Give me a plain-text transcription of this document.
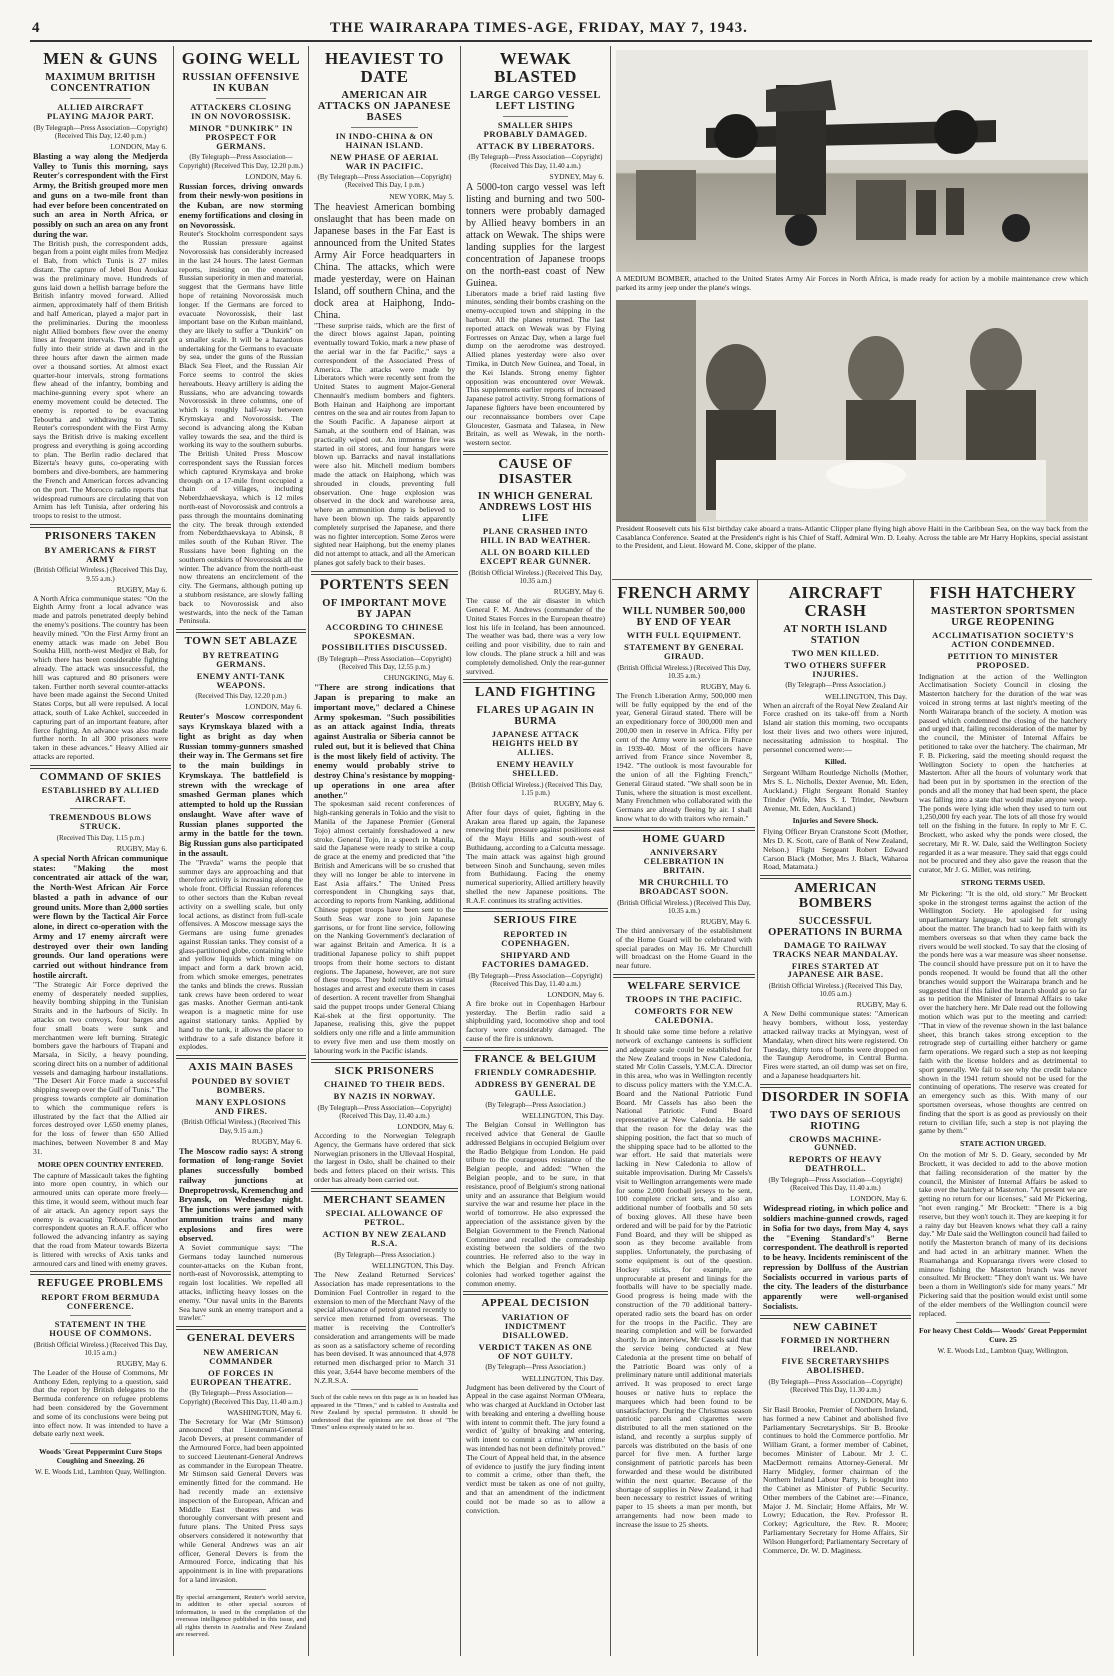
4	THE WAIRARAPA TIMES-AGE, FRIDAY, MAY 7, 1943.
MEN & GUNS
MAXIMUM BRITISH CONCENTRATION
ALLIED AIRCRAFT PLAYING MAJOR PART.
(By Telegraph—Press Association—Copyright) (Received This Day, 12.40 p.m.)
LONDON, May 6.
Blasting a way along the Medjerda Valley to Tunis this morning, says Reuter's correspondent with the First Army, the British grouped more men and guns on a two-mile front than had ever before been concentrated on such an area in North Africa, or possibly on such an area on any front during the war.
The British push, the correspondent adds, began from a point eight miles from Medjez el Bab, from which Tunis is 27 miles distant. The capture of Jebel Bou Aoukaz was the preliminary move. Hundreds of guns laid down a hellish barrage before the British infantry moved forward. Allied airmen, approximately half of them British and half American, played a major part in the preliminaries. During the moonless night Allied bombers flew over the enemy lines at frequent intervals. The aircraft got fully into their stride at dawn and in the three hours after dawn the airmen made over a thousand sorties. At almost exact quarter-hour intervals, strong formations flew ahead of the infantry, bombing and machine-gunning every spot where an enemy movement could be detected. The enemy is reported to be evacuating Tebourba and withdrawing to Tunis. Reuter's correspondent with the First Army says the British drive is making excellent progress and everything is going according to plan. The Berlin radio declared that Bizerta's heavy guns, co-operating with bombers and dive-bombers, are hammering the French and American forces advancing on the port. The Morocco radio reports that widespread rumours are circulating that von Arnim has left Tunisia, after ordering his troops to resist to the utmost.
PRISONERS TAKEN
BY AMERICANS & FIRST ARMY
(British Official Wireless.) (Received This Day, 9.55 a.m.)
RUGBY, May 6.
A North Africa communique states: "On the Eighth Army front a local advance was made and patrols penetrated deeply behind the enemy's positions. The country has been heavily mined. "On the First Army front an enemy attack was made on Jebel Bou Soukha Hill, north-west Medjez el Bab, for which there has been considerable fighting already. The attack was unsuccessful, the hill was captured and 80 prisoners were taken. Further north several counter-attacks have been made against the Second United States Corps, but all were repulsed. A local attack, south of Lake Achkel, succeeded in capturing part of an important feature, after fierce fighting. An advance was also made further north. In all 300 prisoners were taken in these advances." Heavy Allied air attacks are reported.
COMMAND OF SKIES
ESTABLISHED BY ALLIED AIRCRAFT.
TREMENDOUS BLOWS STRUCK.
(Received This Day, 1.15 p.m.)
RUGBY, May 6.
A special North African communique states: "Making the most concentrated air attack of the war, the North-West African Air Force blasted a path in advance of our ground units. More than 2,000 sorties were flown by the Tactical Air Force alone, in direct co-operation with the Army and 17 enemy aircraft were destroyed over their own landing grounds. Our land operations were carried out without hindrance from hostile aircraft.
"The Strategic Air Force deprived the enemy of desperately needed supplies, heavily bombing shipping in the Tunisian Straits and in the harbours of Sicily. In attacks on two convoys, four barges and four small boats were sunk and merchantmen were left burning. Strategic bombers gave the harbours of Trapani and Marsala, in Sicily, a heavy pounding, scoring direct hits on a number of additional vessels and damaging harbour installations. "The Desert Air Force made a successful shipping sweep over the Gulf of Tunis." The progress towards complete air domination to which the communique refers is illustrated by the fact that the Allied air forces destroyed over 1,650 enemy planes, for the loss of fewer than 650 Allied machines, between November 8 and May 31.
MORE OPEN COUNTRY ENTERED.
The capture of Massicault takes the fighting into more open country, in which our armoured units can operate more freely—this time, it would seem, without much fear of air attack. An agency report says the enemy is evacuating Tebourba. Another correspondent quotes an R.A.F. officer who followed the advancing infantry as saying that the road from Mateur towards Bizerta is littered with wrecks of Axis tanks and armoured cars and lined with enemy graves.
REFUGEE PROBLEMS
REPORT FROM BERMUDA CONFERENCE.
STATEMENT IN THE HOUSE OF COMMONS.
(British Official Wireless.) (Received This Day, 10.15 a.m.)
RUGBY, May 6.
The Leader of the House of Commons, Mr Anthony Eden, replying to a question, said that the report by British delegates to the Bermuda conference on refugee problems had been considered by the Government and some of its conclusions were being put into effect now. It was intended to have a debate early next week.
Woods 'Great Peppermint Cure Stops Coughing and Sneezing. 26
W. E. Woods Ltd., Lambton Quay, Wellington.
GOING WELL
RUSSIAN OFFENSIVE IN KUBAN
ATTACKERS CLOSING IN ON NOVOROSSISK.
MINOR "DUNKIRK" IN PROSPECT FOR GERMANS.
(By Telegraph—Press Association—Copyright) (Received This Day, 12.20 p.m.)
LONDON, May 6.
Russian forces, driving onwards from their newly-won positions in the Kuban, are now storming enemy fortifications and closing in on Novorossisk.
Reuter's Stockholm correspondent says the Russian pressure against Novorossisk has considerably increased in the last 24 hours. The latest German reports, insisting on the enormous Russian superiority in men and material, suggest that the Germans have little hope of retaining Novorossisk much longer. If the Germans are forced to evacuate Novorossisk, their last important base on the Kuban mainland, they are likely to suffer a "Dunkirk" on a smaller scale. It will be a hazardous undertaking for the Germans to evacuate by sea, under the guns of the Russian Black Sea Fleet, and the Russian Air Force seems to control the skies hereabouts. Heavy artillery is aiding the Russians, who are advancing towards Novorossisk in three columns, one of which is roughly half-way between Krymskaya and Novorossisk. The second is advancing along the Kuban valley towards the sea, and the third is working its way to the southern suburbs. The British United Press Moscow correspondent says the Russian forces which captured Krymskaya and broke through on a 17-mile front occupied a chain of villages, including Neberdzhaevskaya, which is 12 miles north-east of Novorossisk and controls a pass through the mountains dominating the city. The break through extended from Neberdzhaevskaya to Abinsk, 8 miles south of the Kuban River. The Russians have been fighting on the southern outskirts of Novorossisk all the winter. The advance from the north-east now threatens an encirclement of the city. The Germans, although putting up a stubborn resistance, are slowly falling back to Novorossisk and also westwards, into the neck of the Taman Peninsula.
TOWN SET ABLAZE
BY RETREATING GERMANS.
ENEMY ANTI-TANK WEAPONS.
(Received This Day, 12.20 p.m.)
LONDON, May 6.
Reuter's Moscow correspondent says Krymskaya blazed with a light as bright as day when Russian tommy-gunners smashed their way in. The Germans set fire to the main buildings in Krymskaya. The battlefield is strewn with the wreckage of smashed German planes which attempted to hold up the Russian onslaught. Wave after wave of Russian planes supported the army in the battle for the town. Big Russian guns also participated in the assault.
The "Pravda" warns the people that summer days are approaching and that therefore activity is increasing along the whole front. Official Russian references to other sectors than the Kuban reveal activity on a swelling scale, but only local actions, as distinct from full-scale offensives. A Moscow message says the Germans are using fume grenades against Russian tanks. They consist of a glass-partitioned globe, containing white and yellow liquids which mingle on impact and form a dark brown acid, from which smoke emerges, penetrates the tanks and blinds the crews. Russian tank crews have been ordered to wear gas masks. Another German anti-tank weapon is a magnetic mine for use against stationary tanks. Applied by hand to the tank, it allows the placer to withdraw to a safe distance before it explodes.
AXIS MAIN BASES
POUNDED BY SOVIET BOMBERS.
MANY EXPLOSIONS AND FIRES.
(British Official Wireless.) (Received This Day, 9.15 a.m.)
RUGBY, May 6.
The Moscow radio says: A strong formation of long-range Soviet planes successfully bombed railway junctions at Dnepropetrovsk, Kremenchug and Bryansk, on Wednesday night. The junctions were jammed with ammunition trains and many explosions and fires were observed.
A Soviet communique says: "The Germans today launched numerous counter-attacks on the Kuban front, north-east of Novorossisk, attempting to regain lost localities. We repelled all attacks, inflicting heavy losses on the enemy. "Our naval units in the Barents Sea have sunk an enemy transport and a trawler."
GENERAL DEVERS
NEW AMERICAN COMMANDER
OF FORCES IN EUROPEAN THEATRE.
(By Telegraph—Press Association—Copyright) (Received This Day, 11.40 a.m.)
WASHINGTON, May 6.
The Secretary for War (Mr Stimson) announced that Lieutenant-General Jacob Devers, at present commander of the Armoured Force, had been appointed to succeed Lieutenant-General Andrews as commander in the European Theatre. Mr Stimson said General Devers was eminently fitted for the command. He had recently made an extensive inspection of the European, African and Middle East theatres and was thoroughly conversant with present and future plans. The United Press says observers considered it noteworthy that while General Andrews was an air officer, General Devers is from the Armoured Force, indicating that his appointment is in line with preparations for a land invasion.
By special arrangement, Reuter's world service, in addition to other special sources of information, is used in the compilation of the overseas intelligence published in this issue, and all rights therein in Australia and New Zealand are reserved.
HEAVIEST TO DATE
AMERICAN AIR ATTACKS ON JAPANESE BASES
IN INDO-CHINA & ON HAINAN ISLAND.
NEW PHASE OF AERIAL WAR IN PACIFIC.
(By Telegraph—Press Association—Copyright) (Received This Day, 1 p.m.)
NEW YORK, May 5.
The heaviest American bombing onslaught that has been made on Japanese bases in the Far East is announced from the United States Army Air Force headquarters in China. The attacks, which were made yesterday, were on Hainan Island, off southern China, and the dock area at Haiphong, Indo-China.
"These surprise raids, which are the first of the direct blows against Japan, pointing eventually toward Tokio, mark a new phase of the aerial war in the far Pacific," says a correspondent of the Associated Press of America. The attacks were made by Liberators which were recently sent from the United States to augment Major-General Chennault's medium bombers and fighters. Both Hainan and Haiphong are important centres on the sea and air routes from Japan to the South Pacific. A Japanese airport at Samah, at the southern end of Hainan, was practically wiped out. An immense fire was started in oil stores, and four hangars were blown up. Barracks and naval installations were also hit. Mitchell medium bombers made the attack on Haiphong, which was shrouded in clouds, preventing full observation. One huge explosion was observed in the dock and warehouse area, where an ammunition dump is believed to have been blown up. The raids apparently completely surprised the Japanese, and there was no fighter interception. Some Zeros were sighted near Haiphong, but the enemy planes did not attempt to attack, and all the American planes got safely back to their bases.
PORTENTS SEEN
OF IMPORTANT MOVE BY JAPAN
ACCORDING TO CHINESE SPOKESMAN.
POSSIBILITIES DISCUSSED.
(By Telegraph—Press Association—Copyright) (Received This Day, 12.55 p.m.)
CHUNGKING, May 6.
"There are strong indications that Japan is preparing to make an important move," declared a Chinese Army spokesman. "Such possibilities as an attack against India, threats against Australia or Siberia cannot be ruled out, but it is believed that China is the most likely field of activity. The enemy would probably strive to destroy China's resistance by mopping-up operations in one area after another."
The spokesman said recent conferences of high-ranking generals in Tokio and the visit to Manila of the Japanese Premier (General Tojo) almost certainly foreshadowed a new stroke. General Tojo, in a speech in Manila, said the Japanese were ready to strike a coup de grace at the enemy and predicted that "the British and Americans will be so crushed that they will no longer be able to intervene in East Asia affairs." The United Press correspondent in Chungking says that, according to reports from Nanking, additional Chinese puppet troops have been sent to the South Seas war zone to join Japanese garrisons, or for front line service, following on the Nanking Government's declaration of war against Britain and America. It is a traditional Japanese policy to shift puppet troops from their home sectors to distant regions. The Japanese, however, are not sure of these troops. They hold relatives as virtual hostages and arrest and execute them in cases of desertion. A recent traveller from Shanghai said the puppet troops under General Chiang Kai-shek at the first opportunity. The Japanese, realising this, give the puppet soldiers only one rifle and a little ammunition to every five men and use them mostly on labouring work in the Pacific islands.
SICK PRISONERS
CHAINED TO THEIR BEDS.
BY NAZIS IN NORWAY.
(By Telegraph—Press Association—Copyright) (Received This Day, 11.40 a.m.)
LONDON, May 6.
According to the Norwegian Telegraph Agency, the Germans have ordered that sick Norwegian prisoners in the Ullevaal Hospital, the largest in Oslo, shall be chained to their beds and fetters placed on their wrists. This order has already been carried out.
MERCHANT SEAMEN
SPECIAL ALLOWANCE OF PETROL.
ACTION BY NEW ZEALAND R.S.A.
(By Telegraph—Press Association.)
WELLINGTON, This Day.
The New Zealand Returned Services' Association has made representations to the Dominion Fuel Controller in regard to the extension to men of the Merchant Navy of the special allowance of petrol granted recently to service men returned from overseas. The matter is receiving the Controller's consideration and arrangements will be made as soon as a satisfactory scheme of recording has been devised. It was announced that 4,978 returned men discharged prior to March 31 this year, 3,644 have become members of the N.Z.R.S.A.
Such of the cable news on this page as is so headed has appeared in the "Times," and is cabled to Australia and New Zealand by special permission. It should be understood that the opinions are not those of "The Times" unless expressly stated to be so.
WEWAK BLASTED
LARGE CARGO VESSEL LEFT LISTING
SMALLER SHIPS PROBABLY DAMAGED.
ATTACK BY LIBERATORS.
(By Telegraph—Press Association—Copyright) (Received This Day, 11.40 a.m.)
SYDNEY, May 6.
A 5000-ton cargo vessel was left listing and burning and two 500-tonners were probably damaged by Allied heavy bombers in an attack on Wewak. The ships were landing supplies for the largest concentration of Japanese troops on the north-east coast of New Guinea.
Liberators made a brief raid lasting five minutes, sending their bombs crashing on the enemy-occupied town and shipping in the harbour. All the planes returned. The last reported attack on Wewak was by Flying Fortresses on Anzac Day, when a large fuel dump on the aerodrome was destroyed. Allied planes yesterday were also over Timika, in Dutch New Guinea, and Toeal, in the Kei Islands. Strong enemy fighter opposition was encountered over Wewak. This supplements earlier reports of increased Japanese patrol activity. Strong formations of Japanese fighters have been encountered by our reconnaissance bombers over Cape Gloucester, Gasmata and Talasea, in New Britain, as well as Wewak, in the north-western sector.
CAUSE OF DISASTER
IN WHICH GENERAL ANDREWS LOST HIS LIFE
PLANE CRASHED INTO HILL IN BAD WEATHER.
ALL ON BOARD KILLED EXCEPT REAR GUNNER.
(British Official Wireless.) (Received This Day, 10.35 a.m.)
RUGBY, May 6.
The cause of the air disaster in which General F. M. Andrews (commander of the United States Forces in the European theatre) lost his life in Iceland, has been announced. The weather was bad, there was a very low ceiling and poor visibility, due to rain and low clouds. The plane struck a hill and was completely demolished. Only the rear-gunner survived.
LAND FIGHTING
FLARES UP AGAIN IN BURMA
JAPANESE ATTACK HEIGHTS HELD BY ALLIES.
ENEMY HEAVILY SHELLED.
(British Official Wireless.) (Received This Day, 1.15 p.m.)
RUGBY, May 6.
After four days of quiet, fighting in the Arakan area flared up again, the Japanese renewing their pressure against positions east of the Mayu Hills and south-west of Buthidaung, according to a Calcutta message. The main attack was against high ground between Sinoh and Sunchaung, seven miles from Buthidaung. Facing the enemy numerical superiority, Allied artillery heavily shelled the new Japanese positions. The R.A.F. continues its strafing activities.
SERIOUS FIRE
REPORTED IN COPENHAGEN.
SHIPYARD AND FACTORIES DAMAGED.
(By Telegraph—Press Association—Copyright) (Received This Day, 11.40 a.m.)
LONDON, May 6.
A fire broke out in Copenhagen Harbour yesterday. The Berlin radio said a shipbuilding yard, locomotive shop and tool factory were considerably damaged. The cause of the fire is unknown.
FRANCE & BELGIUM
FRIENDLY COMRADESHIP.
ADDRESS BY GENERAL DE GAULLE.
(By Telegraph—Press Association.)
WELLINGTON, This Day.
The Belgian Consul in Wellington has received advice that General de Gaulle addressed Belgians in occupied Belgium over the Radio Belgique from London. He paid tribute to the courageous resistance of the Belgian people, and added: "When the Belgian people, and to be sure, in that resistance, proof of Belgium's strong national unity and an assurance that Belgium would survive the war and resume her place in the world of tomorrow. He also expressed the appreciation of the assistance given by the Belgian Government to the French National Committee and recalled the comradeship existing between the soldiers of the two countries. He referred also to the way in which the Belgian and French African colonies had worked together against the common enemy.
APPEAL DECISION
VARIATION OF INDICTMENT DISALLOWED.
VERDICT TAKEN AS ONE OF NOT GUILTY.
(By Telegraph—Press Association.)
WELLINGTON, This Day.
Judgment has been delivered by the Court of Appeal in the case against Norman O'Meara, who was charged at Auckland in October last with breaking and entering a dwelling house with intent to commit theft. The jury found a verdict of 'guilty of breaking and entering, with intent to commit a crime.' What crime was intended has not been definitely proved." The Court of Appeal held that, in the absence of evidence to justify the jury finding intent to commit a crime, other than theft, the verdict must be taken as one of not guilty, and that an amendment of the indictment could not be made so as to allow a conviction.
A MEDIUM BOMBER, attached to the United States Army Air Forces in North Africa, is made ready for action by a mobile maintenance crew which parked its army jeep under the plane's wings.
President Roosevelt cuts his 61st birthday cake aboard a trans-Atlantic Clipper plane flying high above Haiti in the Caribbean Sea, on the way back from the Casablanca Conference. Seated at the President's right is his Chief of Staff, Admiral Wm. D. Leahy. Across the table are Mr Harry Hopkins, special assistant to the President, and Lieut. Howard M. Cone, skipper of the plane.
FRENCH ARMY
WILL NUMBER 500,000 BY END OF YEAR
WITH FULL EQUIPMENT.
STATEMENT BY GENERAL GIRAUD.
(British Official Wireless.) (Received This Day, 10.35 a.m.)
RUGBY, May 6.
The French Liberation Army, 500,000 men will be fully equipped by the end of the year, General Giraud stated. There will be an expeditionary force of 300,000 men and 200,00 men in reserve in Africa. Fifty per cent of the Army were in service in France in 1939-40. Most of the officers have arrived from France since November 8, 1942. "The outlook is most favourable for the union of all the Fighting French," General Giraud stated. "We shall soon be in Tunis, where the situation is most excellent. Many Frenchmen who collaborated with the Germans are already fleeing by air. I shall know what to do with traitors who remain."
HOME GUARD
ANNIVERSARY CELEBRATION IN BRITAIN.
MR CHURCHILL TO BROADCAST SOON.
(British Official Wireless.) (Received This Day, 10.35 a.m.)
RUGBY, May 6.
The third anniversary of the establishment of the Home Guard will be celebrated with special parades on May 16. Mr Churchill will broadcast on the Home Guard in the near future.
WELFARE SERVICE
TROOPS IN THE PACIFIC.
COMFORTS FOR NEW CALEDONIA.
It should take some time before a relative network of exchange canteens is sufficient and adequate scale could be established for the New Zealand troops in New Caledonia, stated Mr Colin Cassels, Y.M.C.A. Director in this area, who was in Wellington recently to discuss policy matters with the Y.M.C.A. Board and the National Patriotic Fund Board. Mr Cassels has also been the National Patriotic Fund Board representative at New Caledonia. He said that the reason for the delay was the shipping position, the fact that so much of the shipping space had to be allotted to the war effort. He said that materials were lacking in New Caledonia to allow of suitable improvisation. During Mr Cassels's visit to Wellington arrangements were made for some 2,000 football jerseys to be sent, 100 complete cricket sets, and also an additional number of footballs and 50 sets of boxing gloves. All these have been ordered and will be paid for by the Patriotic Fund Board, and they will be shipped as soon as they become available from supplies. Unfortunately, the purchasing of some equipment is out of the question. Hockey sticks, for example, are unprocurable at present and linings for the footballs will have to be specially made. Good progress is being made with the construction of the 70 additional battery-operated radio sets the board has on order for the troops in the Pacific. They are nearing completion and will be forwarded shortly. In an interview, Mr Cassels said that the service being conducted at New Caledonia at the present time on behalf of the Patriotic Board was only of a preliminary nature until additional materials arrived. It was proposed to erect large houses or native huts to replace the marquees which had been found to be unsatisfactory. During the Christmas season patriotic parcels and cigarettes were distributed to all the men stationed on the island, and recently a surplus supply of parcels was distributed on the basis of one parcel for five men. A further large consignment of patriotic parcels has been forwarded and these would be distributed within the next quarter. Because of the shortage of supplies in New Zealand, it had been necessary to restrict issues of writing paper to 15 sheets a man per month, but arrangements had now been made to increase the issue to 25 sheets.
AIRCRAFT CRASH
AT NORTH ISLAND STATION
TWO MEN KILLED.
TWO OTHERS SUFFER INJURIES.
(By Telegraph—Press Association.)
WELLINGTON, This Day.
When an aircraft of the Royal New Zealand Air Force crashed on its take-off from a North Island air station this morning, two occupants lost their lives and two others were injured, necessitating admission to hospital. The personnel concerned were:—
Killed.
Sergeant Wilham Routledge Nicholls (Mother, Mrs S. L. Nicholls, Dexter Avenue, Mt. Eden, Auckland.) Flight Sergeant Ronald Stanley Trinder (Wife, Mrs S. I. Trinder, Newburn Avenue, Mt. Eden, Auckland.)
Injuries and Severe Shock.
Flying Officer Bryan Cranstone Scott (Mother, Mrs D. K. Scott, care of Bank of New Zealand, Nelson.) Flight Sergeant Robert Edward Carson Black (Mother, Mrs J. Black, Waharoa Road, Matamata.)
AMERICAN BOMBERS
SUCCESSFUL OPERATIONS IN BURMA
DAMAGE TO RAILWAY TRACKS NEAR MANDALAY.
FIRES STARTED AT JAPANESE AIR BASE.
(British Official Wireless.) (Received This Day, 10.05 a.m.)
RUGBY, May 6.
A New Delhi communique states: "American heavy bombers, without loss, yesterday attacked railway tracks at Myingyan, west of Mandalay, when direct hits were registered. On Tuesday, thirty tons of bombs were dropped on the Taungup Aerodrome, in Central Burma. Fires were started, an oil dump was set on fire, and a Japanese headquarters hit.
DISORDER IN SOFIA
TWO DAYS OF SERIOUS RIOTING
CROWDS MACHINE-GUNNED.
REPORTS OF HEAVY DEATHROLL.
(By Telegraph—Press Association—Copyright) (Received This Day, 11.40 a.m.)
LONDON, May 6.
Widespread rioting, in which police and soldiers machine-gunned crowds, raged in Sofia for two days, from May 4, says the "Evening Standard's" Berne correspondent. The deathroll is reported to be heavy. Incidents reminiscent of the repression by Dollfuss of the Austrian Socialists occurred in various parts of the city. The leaders of the disturbance apparently were well-organised Socialists.
NEW CABINET
FORMED IN NORTHERN IRELAND.
FIVE SECRETARYSHIPS ABOLISHED.
(By Telegraph—Press Association—Copyright) (Received This Day, 11.30 a.m.)
LONDON, May 6.
Sir Basil Brooke, Premier of Northern Ireland, has formed a new Cabinet and abolished five Parliamentary Secretaryships. Sir B. Brooke continues to hold the Commerce portfolio. Mr William Grant, a former member of Cabinet, becomes Minister of Labour. Mr J. C. MacDermott remains Attorney-General. Mr Harry Midgley, former chairman of the Northern Ireland Labour Party, is brought into the Cabinet as Minister of Public Security. Other members of the Cabinet are:—Finance, Major J. M. Sinclair; Home Affairs, Mr W. Lowry; Education, the Rev. Professor R. Corkey; Agriculture, the Rev. R. Moore; Parliamentary Secretary for Home Affairs, Sir Wilson Hungerford; Parliamentary Secretary of Commerce, Dr. W. D. Maginess.
FISH HATCHERY
MASTERTON SPORTSMEN URGE REOPENING
ACCLIMATISATION SOCIETY'S ACTION CONDEMNED.
PETITION TO MINISTER PROPOSED.
Indignation at the action of the Wellington Acclimatisation Society Council in closing the Masterton hatchery for the duration of the war was voiced in strong terms at last night's meeting of the North Wairarapa branch of the society. A motion was passed which condemned the closing of the hatchery and urged that, failing reconsideration of the matter by the council, the Minister of Internal Affairs be petitioned to take over the hatchery. The chairman, Mr F. B. Pickering, said the meeting should request the Wellington Society to open the hatcheries at Masterton. After all the hours of voluntary work that had been put in by sportsmen in the erection of the ponds and all the money that had been spent, the place was falling into a state that would make anyone weep. The ponds were lying idle when they used to turn out 1,250,000 fry each year. The lots of all those fry would tell on the fishing in the future. In reply to Mr F. C. Brockett, who asked why the ponds were closed, the secretary, Mr R. W. Dale, said the Wellington Society regarded it as a war measure. They said that eggs could not be procured and they also gave the reason that the curator, Mr J. G. Miller, was retiring.
STRONG TERMS USED.
Mr Pickering: "It is the old, old story." Mr Brockett spoke in the strongest terms against the action of the Wellington Society. He apologised for using unparliamentary language, but said he felt strongly about the matter. The branch had to keep faith with its members overseas so that when they came back the rivers would be well stocked. To say that the closing of the ponds here was a war measure was sheer nonsense. The council should have pressure put on it to have the ponds reopened. It would be found that all the other branches would support the Wairarapa branch and he suggested that if this failed the branch should go so far as to petition the Minister of Internal Affairs to take over the hatchery here. Mr Dale read out the following motion which was put to the meeting and carried: "That in view of the revenue shown in the last balance sheet, this branch takes strong exception to the retrograde step of curtailing either hatchery or game farm operations. We regard such a step as not keeping faith with the license holders and as detrimental to sport generally. We fail to see why the credit balance shown in the 1941 return should not be used for the continuing of operations. The reserve was created for an emergency such as this. With many of our sportsmen overseas, whose thoughts are centred on finding that the sport is as good as previously on their return to civilian life, such a step is not playing the game by them."
STATE ACTION URGED.
On the motion of Mr S. D. Geary, seconded by Mr Brockett, it was decided to add to the above motion that failing reconsideration of the matter by the council, the Minister of Internal Affairs be asked to take over the hatchery at Masterton. "At present we are getting no return for our licenses," said Mr Pickering, "not even ranging." Mr Brockett: "There is a big reserve, but they won't touch it. They are keeping it for a rainy day but Heaven knows what they call a rainy day." Mr Dale said the Wellington council had failed to notify the Masterton branch of many of its decisions and had acted in an arbitrary manner. When the Ruamahanga and Kopuaranga rivers were closed to minnow fishing the Masterton branch was never consulted. Mr Brockett: "They don't want us. We have been a thorn in Wellington's side for many years." Mr Pickering said that the position would exist until some of the elder members of the Wellington council were replaced.
For heavy Chest Colds— Woods' Great Peppermint Cure. 25
W. E. Woods Ltd., Lambton Quay, Wellington.
